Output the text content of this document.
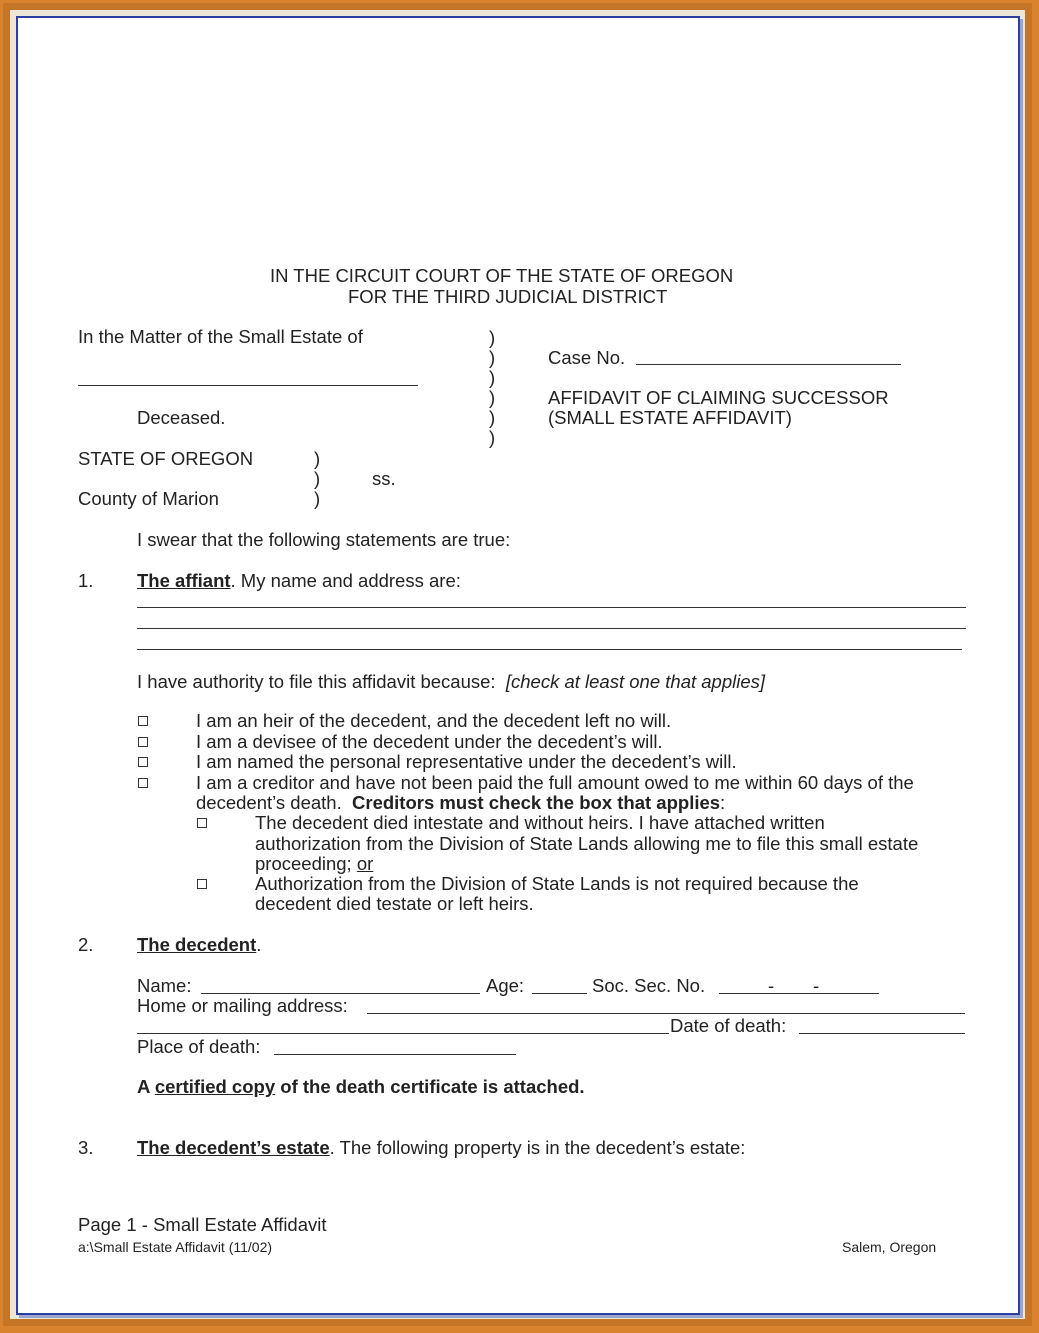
IN THE CIRCUIT COURT OF THE STATE OF OREGON
FOR THE THIRD JUDICIAL DISTRICT
In the Matter of the Small Estate of
Deceased.
)
)
)
)
)
)
Case No.
AFFIDAVIT OF CLAIMING SUCCESSOR
(SMALL ESTATE AFFIDAVIT)
STATE OF OREGON	)
)
)
ss.
County of Marion
I swear that the following statements are true:
1. The affiant. My name and address are:
I have authority to file this affidavit because: [check at least one that applies]
I am an heir of the decedent, and the decedent left no will.
I am a devisee of the decedent under the decedent’s will.
I am named the personal representative under the decedent’s will.
I am a creditor and have not been paid the full amount owed to me within 60 days of the
decedent’s death. Creditors must check the box that applies:
The decedent died intestate and without heirs. I have attached written
authorization from the Division of State Lands allowing me to file this small estate
proceeding; or
Authorization from the Division of State Lands is not required because the
decedent died testate or left heirs.
2. The decedent.
Name:	Age:	Soc. Sec. No.	- -
Home or mailing address:
Date of death:
Place of death:
A certified copy of the death certificate is attached.
3. The decedent’s estate. The following property is in the decedent’s estate:
Page 1 - Small Estate Affidavit
a:\Small Estate Affidavit (11/02)	Salem, Oregon
